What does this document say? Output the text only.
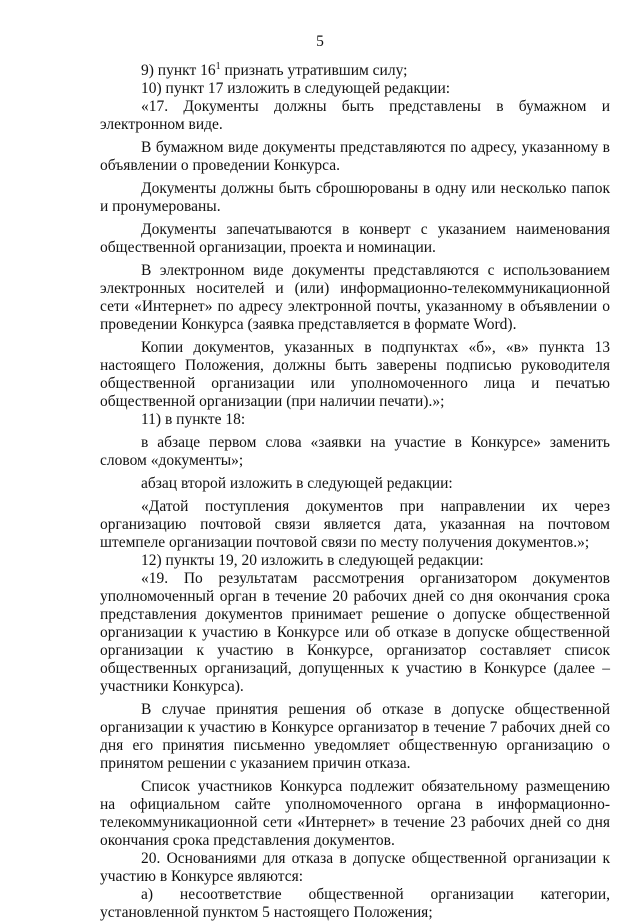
5

9) пункт $16^1$ признать утратившим силу;

10) пункт 17 изложить в следующей редакции:

«17. Документы должны быть представлены в бумажном и электронном виде.

В бумажном виде документы представляются по адресу, указанному в объявлении о проведении Конкурса.

Документы должны быть сброшюрованы в одну или несколько папок и пронумерованы.

Документы запечатываются в конверт с указанием наименования общественной организации, проекта и номинации.

В электронном виде документы представляются с использованием электронных носителей и (или) информационно-телекоммуникационной сети «Интернет» по адресу электронной почты, указанному в объявлении о проведении Конкурса (заявка представляется в формате Word).

Копии документов, указанных в подпунктах «б», «в» пункта 13 настоящего Положения, должны быть заверены подписью руководителя общественной организации или уполномоченного лица и печатью общественной организации (при наличии печати).»;

11) в пункте 18:

в абзаце первом слова «заявки на участие в Конкурсе» заменить словом «документы»;

абзац второй изложить в следующей редакции:

«Датой поступления документов при направлении их через организацию почтовой связи является дата, указанная на почтовом штемпеле организации почтовой связи по месту получения документов.»;

12) пункты 19, 20 изложить в следующей редакции:

«19. По результатам рассмотрения организатором документов уполномоченный орган в течение 20 рабочих дней со дня окончания срока представления документов принимает решение о допуске общественной организации к участию в Конкурсе или об отказе в допуске общественной организации к участию в Конкурсе, организатор составляет список общественных организаций, допущенных к участию в Конкурсе (далее – участники Конкурса).

В случае принятия решения об отказе в допуске общественной организации к участию в Конкурсе организатор в течение 7 рабочих дней со дня его принятия письменно уведомляет общественную организацию о принятом решении с указанием причин отказа.

Список участников Конкурса подлежит обязательному размещению на официальном сайте уполномоченного органа в информационно-телекоммуникационной сети «Интернет» в течение 23 рабочих дней со дня окончания срока представления документов.

20. Основаниями для отказа в допуске общественной организации к участию в Конкурсе являются:

а) несоответствие общественной организации категории, установленной пунктом 5 настоящего Положения;
